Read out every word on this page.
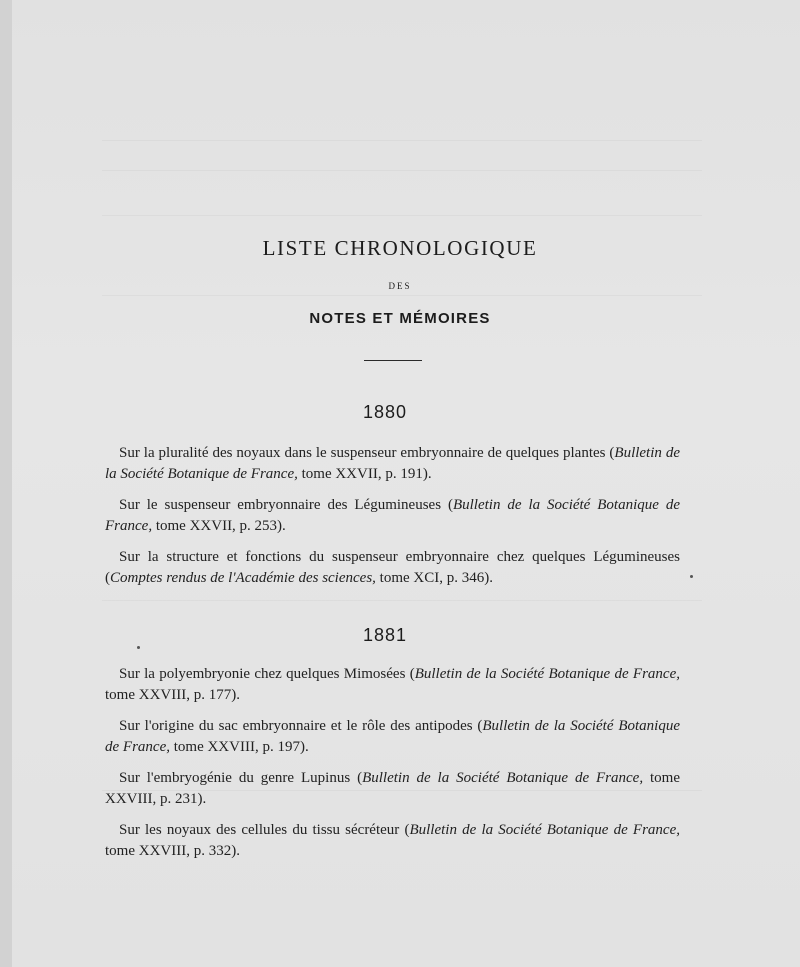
LISTE CHRONOLOGIQUE
DES
NOTES ET MÉMOIRES
1880

Sur la pluralité des noyaux dans le suspenseur embryonnaire de quelques plantes (Bulletin de la Société Botanique de France, tome XXVII, p. 191).

Sur le suspenseur embryonnaire des Légumineuses (Bulletin de la Société Botanique de France, tome XXVII, p. 253).

Sur la structure et fonctions du suspenseur embryonnaire chez quelques Légumineuses (Comptes rendus de l'Académie des sciences, tome XCI, p. 346).

1881

Sur la polyembryonie chez quelques Mimosées (Bulletin de la Société Botanique de France, tome XXVIII, p. 177).

Sur l'origine du sac embryonnaire et le rôle des antipodes (Bulletin de la Société Botanique de France, tome XXVIII, p. 197).

Sur l'embryogénie du genre Lupinus (Bulletin de la Société Botanique de France, tome XXVIII, p. 231).

Sur les noyaux des cellules du tissu sécréteur (Bulletin de la Société Botanique de France, tome XXVIII, p. 332).
